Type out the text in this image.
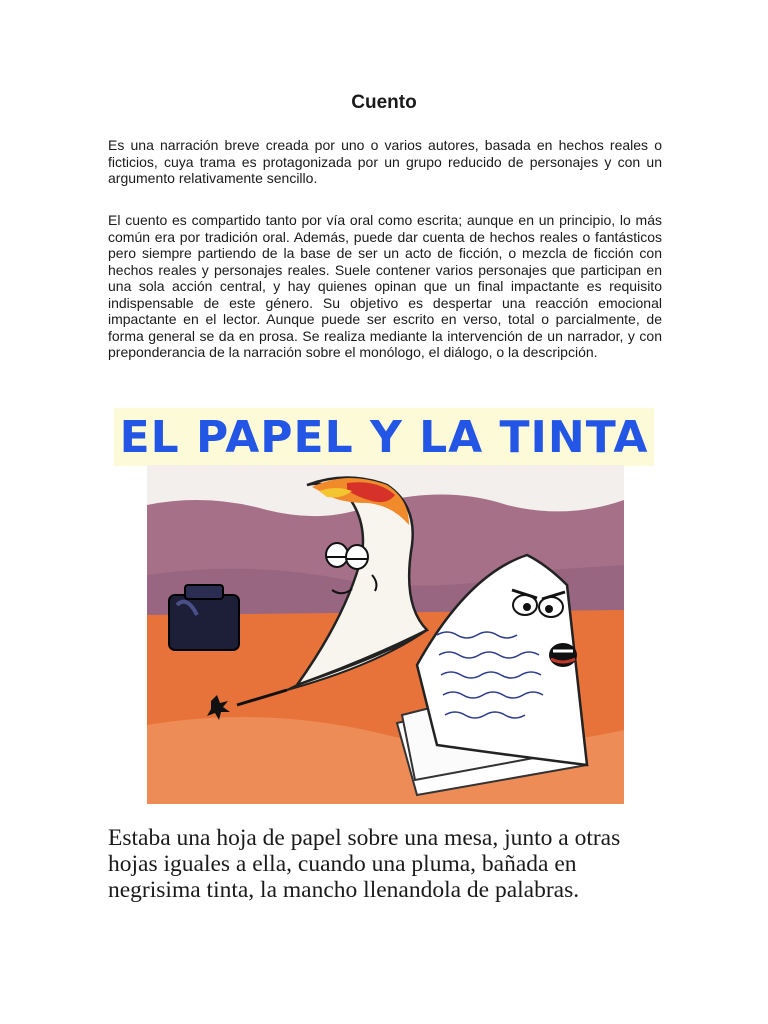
Cuento

Es una narración breve creada por uno o varios autores, basada en hechos reales o ficticios, cuya trama es protagonizada por un grupo reducido de personajes y con un argumento relativamente sencillo.

El cuento es compartido tanto por vía oral como escrita; aunque en un principio, lo más común era por tradición oral. Además, puede dar cuenta de hechos reales o fantásticos pero siempre partiendo de la base de ser un acto de ficción, o mezcla de ficción con hechos reales y personajes reales. Suele contener varios personajes que participan en una sola acción central, y hay quienes opinan que un final impactante es requisito indispensable de este género. Su objetivo es despertar una reacción emocional impactante en el lector. Aunque puede ser escrito en verso, total o parcialmente, de forma general se da en prosa. Se realiza mediante la intervención de un narrador, y con preponderancia de la narración sobre el monólogo, el diálogo, o la descripción.

EL PAPEL Y LA TINTA

Estaba una hoja de papel sobre una mesa, junto a otras hojas iguales a ella, cuando una pluma, bañada en negrisima tinta, la mancho llenandola de palabras.
